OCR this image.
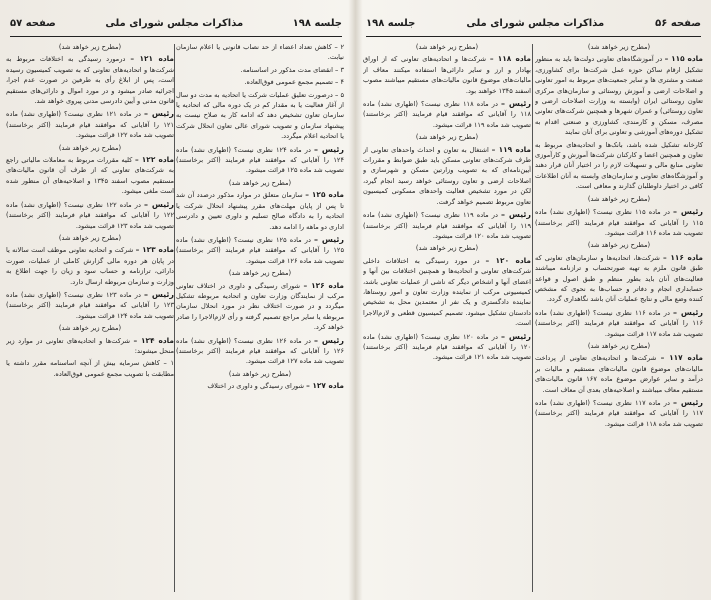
صفحه ۵۶
مذاکرات مجلس شورای ملی
جلسه ۱۹۸

(مطرح زیر خواهد شد)

ماده ۱۱۵ – در آموزشگاه‌های تعاونی دولت‌ها باید به منظور تشکیل ارقام ساکن حوزه عمل شرکت‌ها برای کشاورزی، صنعت و مشتری ها و سایر جمعیت‌های مربوط به امور تعاونی و اصلاحات ارضی و آموزش روستائی و سازمان‌های مرکزی تعاون روستائی ایران (وابسته به وزارت اصلاحات ارضی و تعاون روستائی) و عمران شهرها و همچنین شرکت‌های تعاونی مصرف، مسکن و کارمندی، کشاورزی و صنعتی اقدام به تشکیل دوره‌های آموزشی و تعاونی برای آنان نمایند

کارخانه تشکیل شده باشد، بانک‌ها و اتحادیه‌های مربوط به تعاون و همچنین اعضا و کارکنان شرکت‌ها آموزش و کارآموزی تعاونی منابع مالی و تسهیلات لازم را در اختیار آنان قرار دهند و آموزشگاه‌های تعاونی و سازمان‌های وابسته به آنان اطلاعات کافی در اختیار داوطلبان گذارند و معافی است.

(مطرح زیر خواهد شد)

رئیس – در ماده ۱۱۵ نظری نیست؟ (اظهاری نشد) ماده ۱۱۵ را آقایانی که موافقند قیام فرمایند (اکثر برخاستند) تصویب شد ماده ۱۱۶ قرائت میشود.

(مطرح زیر خواهد شد)

ماده ۱۱۶ – شرکت‌ها، اتحادیه‌ها و سازمان‌های تعاونی که طبق قانون ملزم به تهیه صورتحساب و ترازنامه میباشند فعالیت‌های آنان باید بطور منظم و طبق اصول و قواعد حسابداری انجام و دفاتر و حساب‌ها به نحوی که مشخص کننده وضع مالی و نتایج عملیات آنان باشد نگاهداری گردد.

رئیس – در ماده ۱۱۶ نظری نیست؟ (اظهاری نشد) ماده ۱۱۶ را آقایانی که موافقند قیام فرمایند (اکثر برخاستند) تصویب شد ماده ۱۱۷ قرائت میشود.

(مطرح زیر خواهد شد)

ماده ۱۱۷ – شرکت‌ها و اتحادیه‌های تعاونی از پرداخت مالیات‌های موضوع قانون مالیات‌های مستقیم و مالیات بر درآمد و سایر عوارض موضوع ماده ۱۶۷ قانون مالیات‌های مستقیم معاف میباشند و اصلاحیه‌های بعدی آن معاف است.

رئیس – در ماده ۱۱۷ نظری نیست؟ (اظهاری نشد) ماده ۱۱۷ را آقایانی که موافقند قیام فرمایند (اکثر برخاستند) تصویب شد ماده ۱۱۸ قرائت میشود.

(مطرح زیر خواهد شد)

ماده ۱۱۸ – شرکت‌ها و اتحادیه‌های تعاونی که از اوراق بهادار و ارز و سایر دارائی‌ها استفاده میکنند معاف از مالیات‌های موضوع قانون مالیات‌های مستقیم میباشند مصوب اسفند ۱۳۴۵ خواهند بود.

رئیس – در ماده ۱۱۸ نظری نیست؟ (اظهاری نشد) ماده ۱۱۸ را آقایانی که موافقند قیام فرمایند (اکثر برخاستند) تصویب شد ماده ۱۱۹ قرائت میشود.

(مطرح زیر خواهد شد)

ماده ۱۱۹ – اشتغال به تعاون و احداث واحدهای تعاونی از طرف شرکت‌های تعاونی مسکن باید طبق ضوابط و مقررات آیین‌نامه‌ای که به تصویب وزارتین مسکن و شهرسازی و اصلاحات ارضی و تعاون روستائی خواهد رسید انجام گیرد، لکن در مورد تشخیص فعالیت واحدهای مسکونی کمیسیون تعاون مربوط تصمیم خواهد گرفت.

رئیس – در ماده ۱۱۹ نظری نیست؟ (اظهاری نشد) ماده ۱۱۹ را آقایانی که موافقند قیام فرمایند (اکثر برخاستند) تصویب شد ماده ۱۲۰ قرائت میشود.

(مطرح زیر خواهد شد)

ماده ۱۲۰ – در مورد رسیدگی به اختلافات داخلی شرکت‌های تعاونی و اتحادیه‌ها و همچنین اختلافات بین آنها و اعضای آنها و اشخاص دیگر که ناشی از عملیات تعاونی باشد، کمیسیونی مرکب از نماینده وزارت تعاون و امور روستاها، نماینده دادگستری و یک نفر از معتمدین محل به تشخیص دادستان تشکیل میشود. تصمیم کمیسیون قطعی و لازم‌الاجرا است.

رئیس – در ماده ۱۲۰ نظری نیست؟ (اظهاری نشد) ماده ۱۲۰ را آقایانی که موافقند قیام فرمایند (اکثر برخاستند) تصویب شد ماده ۱۲۱ قرائت میشود.

جلسه ۱۹۸
مذاکرات مجلس شورای ملی
صفحه ۵۷

۲ – کاهش تعداد اعضاء از حد نصاب قانونی یا اعلام سازمان نیابت.

۳ – انقضای مدت مذکور در اساسنامه.

۴ – تصمیم مجمع عمومی فوق‌العاده.

۵ – درصورت تعلیق عملیات شرکت یا اتحادیه به مدت دو سال از آغاز فعالیت یا به مقدار کم در یک دوره مالی که اتحادیه یا سازمان تعاون تشخیص دهد که ادامه کار به صلاح نیست به پیشنهاد سازمان و تصویب شورای عالی تعاون انحلال شرکت یا اتحادیه اعلام میگردد.

رئیس – در ماده ۱۲۴ نظری نیست؟ (اظهاری نشد) ماده ۱۲۴ را آقایانی که موافقند قیام فرمایند (اکثر برخاستند) تصویب شد ماده ۱۲۵ قرائت میشود.

(مطرح زیر خواهد شد)

ماده ۱۲۵ – سازمان متعلق در موارد مذکور درصدد آن شد تا پس از پایان مهلت‌های مقرر پیشنهاد انحلال شرکت یا اتحادیه را به دادگاه صالح تسلیم و داوری تعیین و دادرسی اداری دو ماهه را ادامه دهد.

رئیس – در ماده ۱۲۵ نظری نیست؟ (اظهاری نشد) ماده ۱۲۵ را آقایانی که موافقند قیام فرمایند (اکثر برخاستند) تصویب شد ماده ۱۲۶ قرائت میشود.

(مطرح زیر خواهد شد)

ماده ۱۲۶ – شورای رسیدگی و داوری در اختلاف تعاونی مرکب از نمایندگان وزارت تعاون و اتحادیه مربوطه تشکیل میگردد و در صورت اختلاف نظر در مورد انحلال سازمان مربوطه یا سایر مراجع تصمیم گرفته و رأی لازم‌الاجرا را صادر خواهد کرد.

رئیس – در ماده ۱۲۶ نظری نیست؟ (اظهاری نشد) ماده ۱۲۶ را آقایانی که موافقند قیام فرمایند (اکثر برخاستند) تصویب شد ماده ۱۲۷ قرائت میشود.

(مطرح زیر خواهد شد)

ماده ۱۲۷ – شورای رسیدگی و داوری در اختلاف

(مطرح زیر خواهد شد)

ماده ۱۲۱ – درمورد رسیدگی به اختلافات مربوط به شرکت‌ها و اتحادیه‌های تعاونی که به تصویب کمیسیون رسیده است، پس از ابلاغ رأی به طرفین در صورت عدم اجرا، اجرائیه صادر میشود و در مورد اموال و دارائی‌های مستقیم قانون مدنی و آیین دادرسی مدنی پیروی خواهد شد.

رئیس – در ماده ۱۲۱ نظری نیست؟ (اظهاری نشد) ماده ۱۲۱ را آقایانی که موافقند قیام فرمایند (اکثر برخاستند) تصویب شد ماده ۱۲۲ قرائت میشود.

(مطرح زیر خواهد شد)

ماده ۱۲۲ – کلیه مقررات مربوط به معاملات مالیاتی راجع به شرکت‌های تعاونی که از طرف آن قانون مالیات‌های مستقیم مصوب اسفند ۱۳۴۵ و اصلاحیه‌های آن منظور شده است ملغی میشود.

رئیس – در ماده ۱۲۲ نظری نیست؟ (اظهاری نشد) ماده ۱۲۲ را آقایانی که موافقند قیام فرمایند (اکثر برخاستند) تصویب شد ماده ۱۲۳ قرائت میشود.

(مطرح زیر خواهد شد)

ماده ۱۲۳ – شرکت و اتحادیه تعاونی موظف است سالانه یا در پایان هر دوره مالی گزارش کاملی از عملیات، صورت دارائی، ترازنامه و حساب سود و زیان را جهت اطلاع به وزارت و سازمان مربوطه ارسال دارد.

رئیس – در ماده ۱۲۳ نظری نیست؟ (اظهاری نشد) ماده ۱۲۳ را آقایانی که موافقند قیام فرمایند (اکثر برخاستند) تصویب شد ماده ۱۲۴ قرائت میشود.

(مطرح زیر خواهد شد)

ماده ۱۲۴ – شرکت‌ها و اتحادیه‌های تعاونی در موارد زیر منحل میشوند:

۱ – کاهش سرمایه بیش از آنچه اساسنامه مقرر داشته یا مطابقت با تصویب مجمع عمومی فوق‌العاده.
